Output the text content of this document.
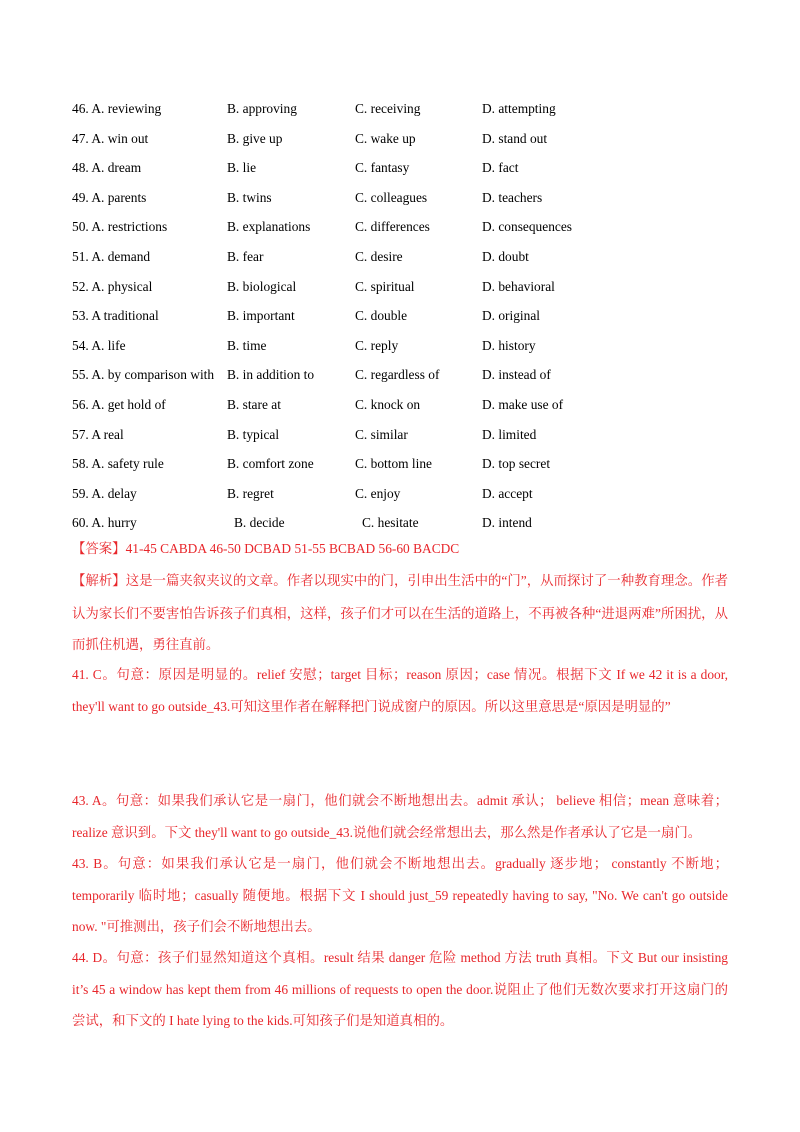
46. A. reviewing	B. approving	C. receiving	D. attempting
47. A. win out	B. give up	C. wake up	D. stand out
48. A. dream	B. lie	C. fantasy	D. fact
49. A. parents	B. twins	C. colleagues	D. teachers
50. A. restrictions	B. explanations	C. differences	D. consequences
51. A. demand	B. fear	C. desire	D. doubt
52. A. physical	B. biological	C. spiritual	D. behavioral
53. A traditional	B. important	C. double	D. original
54. A. life	B. time	C. reply	D. history
55. A. by comparison with B. in addition to	C. regardless of	D. instead of
56. A. get hold of	B. stare at	C. knock on	D. make use of
57. A real	B. typical	C. similar	D. limited
58. A. safety rule	B. comfort zone	C. bottom line	D. top secret
59. A. delay	B. regret	C. enjoy	D. accept
60. A. hurry	B. decide	C. hesitate	D. intend
【答案】41-45 CABDA 46-50 DCBAD 51-55 BCBAD 56-60 BACDC
【解析】这是一篇夹叙夹议的文章。作者以现实中的门，引申出生活中的“门”，从而探讨了一种教育理念。作者认为家长们不要害怕告诉孩子们真相，这样，孩子们才可以在生活的道路上，不再被各种“进退两难”所困扰，从而抓住机遇，勇往直前。
41. C。句意：原因是明显的。relief 安慰；target 目标；reason 原因；case 情况。根据下文 If we 42 it is a door, they'll want to go outside_43.可知这里作者在解释把门说成窗户的原因。所以这里意思是“原因是明显的”
43. A。句意：如果我们承认它是一扇门，他们就会不断地想出去。admit 承认； believe 相信；mean 意味着； realize 意识到。下文 they'll want to go outside_43.说他们就会经常想出去，那么然是作者承认了它是一扇门。
43. B。句意：如果我们承认它是一扇门，他们就会不断地想出去。gradually 逐步地； constantly 不断地；temporarily 临时地；casually 随便地。根据下文 I should just_59 repeatedly having to say, "No. We can't go outside now. "可推测出，孩子们会不断地想出去。
44. D。句意：孩子们显然知道这个真相。result 结果 danger 危险 method 方法 truth 真相。下文 But our insisting it’s 45 a window has kept them from 46 millions of requests to open the door.说阻止了他们无数次要求打开这扇门的尝试，和下文的 I hate lying to the kids.可知孩子们是知道真相的。
